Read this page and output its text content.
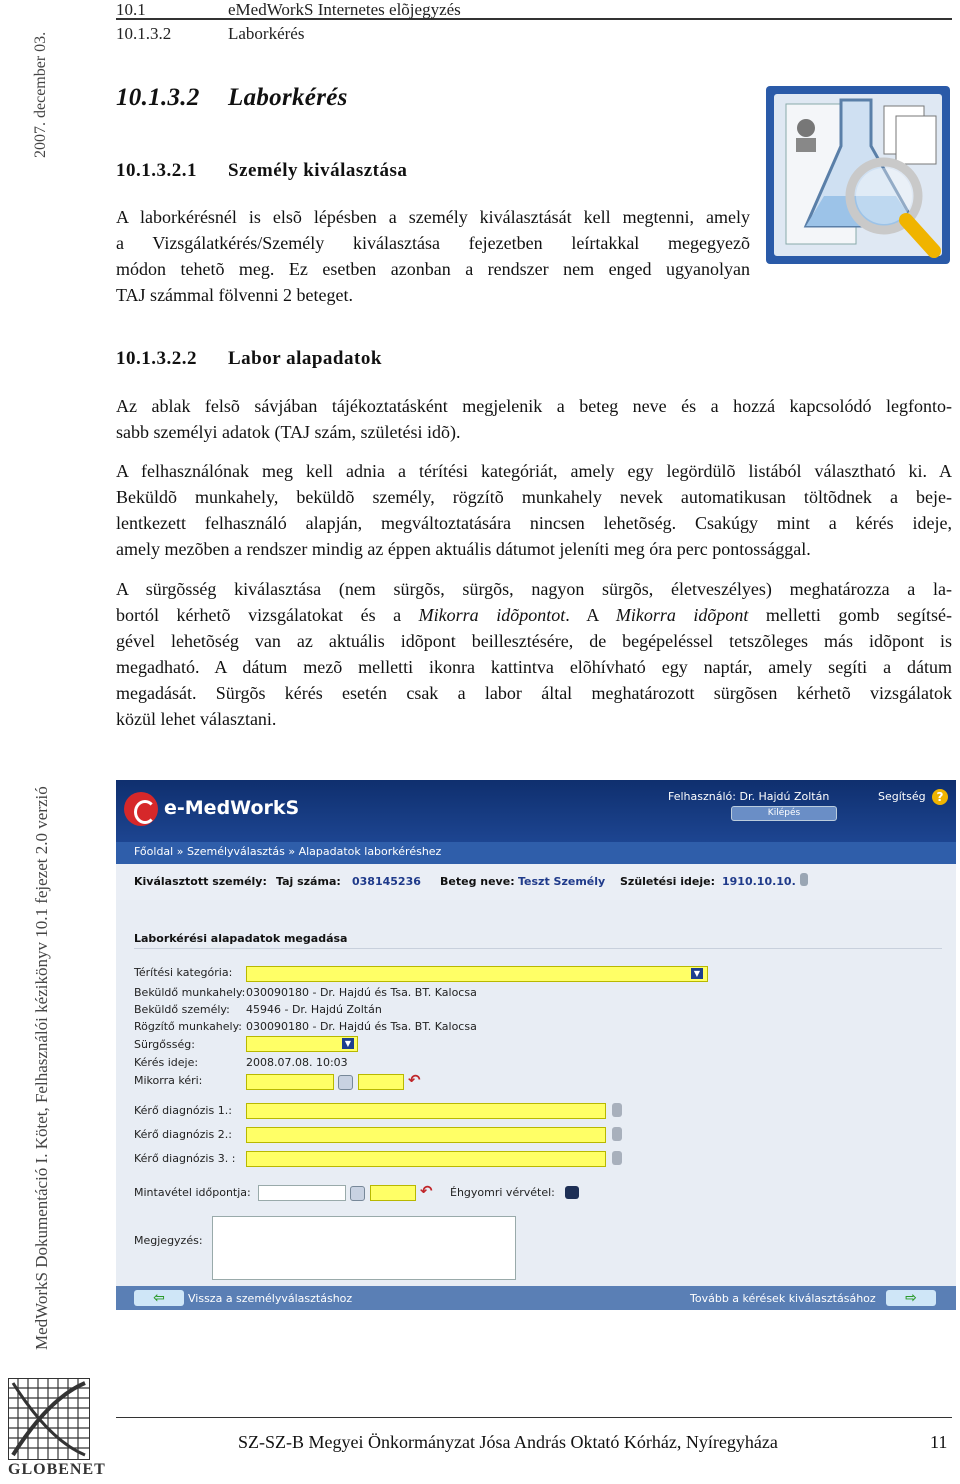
10.1	eMedWorkS Internetes elõjegyzés
10.1.3.2	Laborkérés
2007. december 03.
MedWorkS Dokumentáció I. Kötet, Felhasználói kézikönyv 10.1 fejezet 2.0 verzió
GLOBENET
10.1.3.2 Laborkérés
10.1.3.2.1 Személy kiválasztása
A laborkérésnél is elsõ lépésben a személy kiválasztását kell megtenni, amely
a Vizsgálatkérés/Személy kiválasztása fejezetben leírtakkal megegyezõ
módon tehetõ meg. Ez esetben azonban a rendszer nem enged ugyanolyan
TAJ számmal fölvenni 2 beteget.
10.1.3.2.2 Labor alapadatok
Az ablak felsõ sávjában tájékoztatásként megjelenik a beteg neve és a hozzá kapcsolódó legfonto-
sabb személyi adatok (TAJ szám, születési idõ).
A felhasználónak meg kell adnia a térítési kategóriát, amely egy legördülõ listából választható ki. A
Beküldõ munkahely, beküldõ személy, rögzítõ munkahely nevek automatikusan töltõdnek a beje-
lentkezett felhasználó alapján, megváltoztatására nincsen lehetõség. Csakúgy mint a kérés ideje,
amely mezõben a rendszer mindig az éppen aktuális dátumot jeleníti meg óra perc pontossággal.
A sürgõsség kiválasztása (nem sürgõs, sürgõs, nagyon sürgõs, életveszélyes) meghatározza a la-
bortól kérhetõ vizsgálatokat és a Mikorra idõpontot. A Mikorra idõpont melletti gomb segítsé-
gével lehetõség van az aktuális idõpont beillesztésére, de begépeléssel tetszõleges más idõpont is
megadható. A dátum mezõ melletti ikonra kattintva elõhívható egy naptár, amely segíti a dátum
megadását. Sürgõs kérés esetén csak a labor által meghatározott sürgõsen kérhetõ vizsgálatok
közül lehet választani.
e-MedWorkS
Felhasználó: Dr. Hajdú Zoltán
Kilépés
Segítség ?
Főoldal » Személyválasztás » Alapadatok laborkéréshez
Kiválasztott személy: Taj száma: 038145236 Beteg neve: Teszt Személy Születési ideje: 1910.10.10.
Laborkérési alapadatok megadása
Térítési kategória:	▼
Beküldő munkahely: 030090180 - Dr. Hajdú és Tsa. BT. Kalocsa
Beküldő személy: 45946 - Dr. Hajdú Zoltán
Rögzítő munkahely: 030090180 - Dr. Hajdú és Tsa. BT. Kalocsa
Sürgősség:	▼
Kérés ideje:	2008.07.08. 10:03
Mikorra kéri:	↶
Kérő diagnózis 1.:
Kérő diagnózis 2.:
Kérő diagnózis 3. :
Mintavétel időpontja:	↶ Éhgyomri vérvétel:
Megjegyzés:
⇦	Vissza a személyválasztáshoz	Tovább a kérések kiválasztásához	⇨
SZ-SZ-B Megyei Önkormányzat Jósa András Oktató Kórház, Nyíregyháza	11
